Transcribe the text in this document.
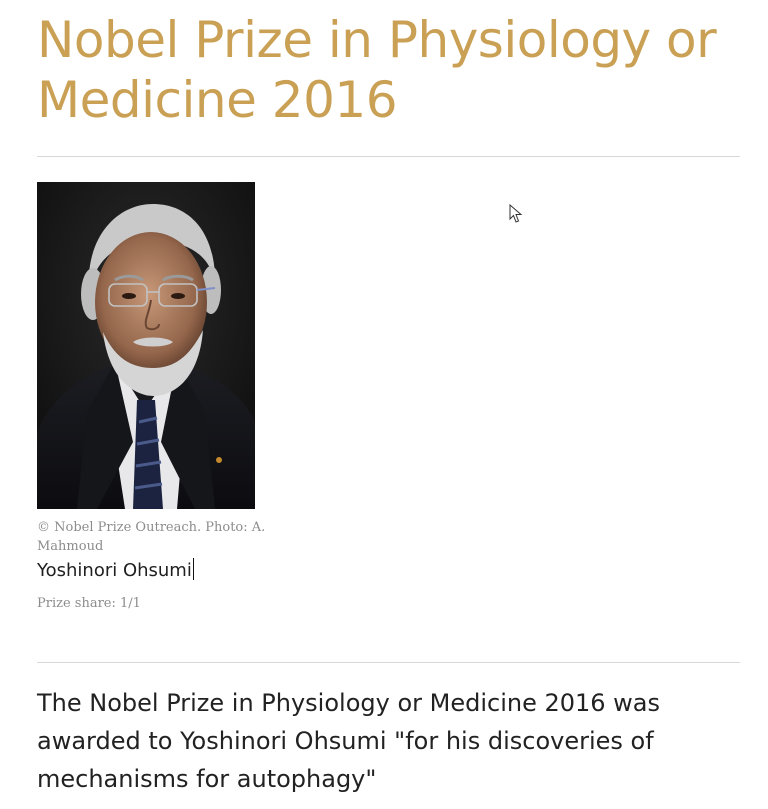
Nobel Prize in Physiology or Medicine 2016
© Nobel Prize Outreach. Photo: A. Mahmoud
Yoshinori Ohsumi
Prize share: 1/1

The Nobel Prize in Physiology or Medicine 2016 was awarded to Yoshinori Ohsumi "for his discoveries of mechanisms for autophagy"
